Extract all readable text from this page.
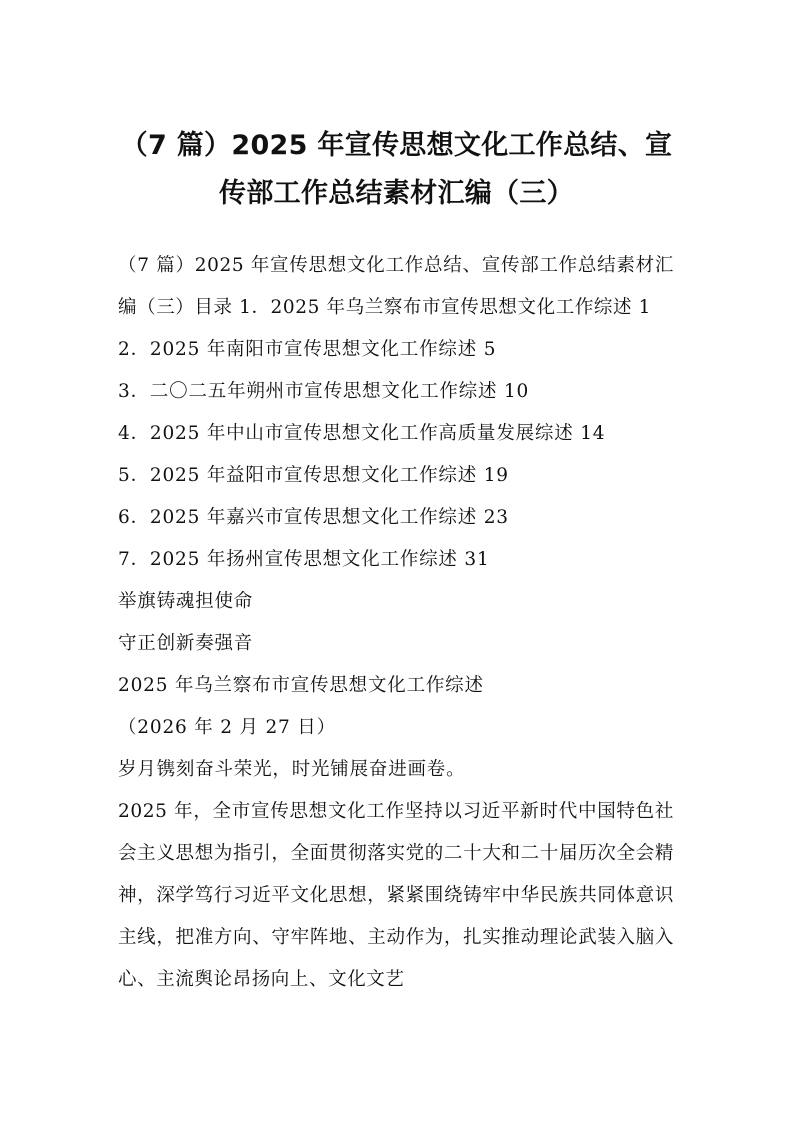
（7 篇）2025 年宣传思想文化工作总结、宣
传部工作总结素材汇编（三）

（7 篇）2025 年宣传思想文化工作总结、宣传部工作总结素材汇编（三）目录 1．2025 年乌兰察布市宣传思想文化工作综述 1

2．2025 年南阳市宣传思想文化工作综述 5
3．二〇二五年朔州市宣传思想文化工作综述 10
4．2025 年中山市宣传思想文化工作高质量发展综述 14
5．2025 年益阳市宣传思想文化工作综述 19
6．2025 年嘉兴市宣传思想文化工作综述 23
7．2025 年扬州宣传思想文化工作综述 31
举旗铸魂担使命
守正创新奏强音
2025 年乌兰察布市宣传思想文化工作综述
（2026 年 2 月 27 日）
岁月镌刻奋斗荣光，时光铺展奋进画卷。

2025 年，全市宣传思想文化工作坚持以习近平新时代中国特色社会主义思想为指引，全面贯彻落实党的二十大和二十届历次全会精神，深学笃行习近平文化思想，紧紧围绕铸牢中华民族共同体意识主线，把准方向、守牢阵地、主动作为，扎实推动理论武装入脑入心、主流舆论昂扬向上、文化文艺
